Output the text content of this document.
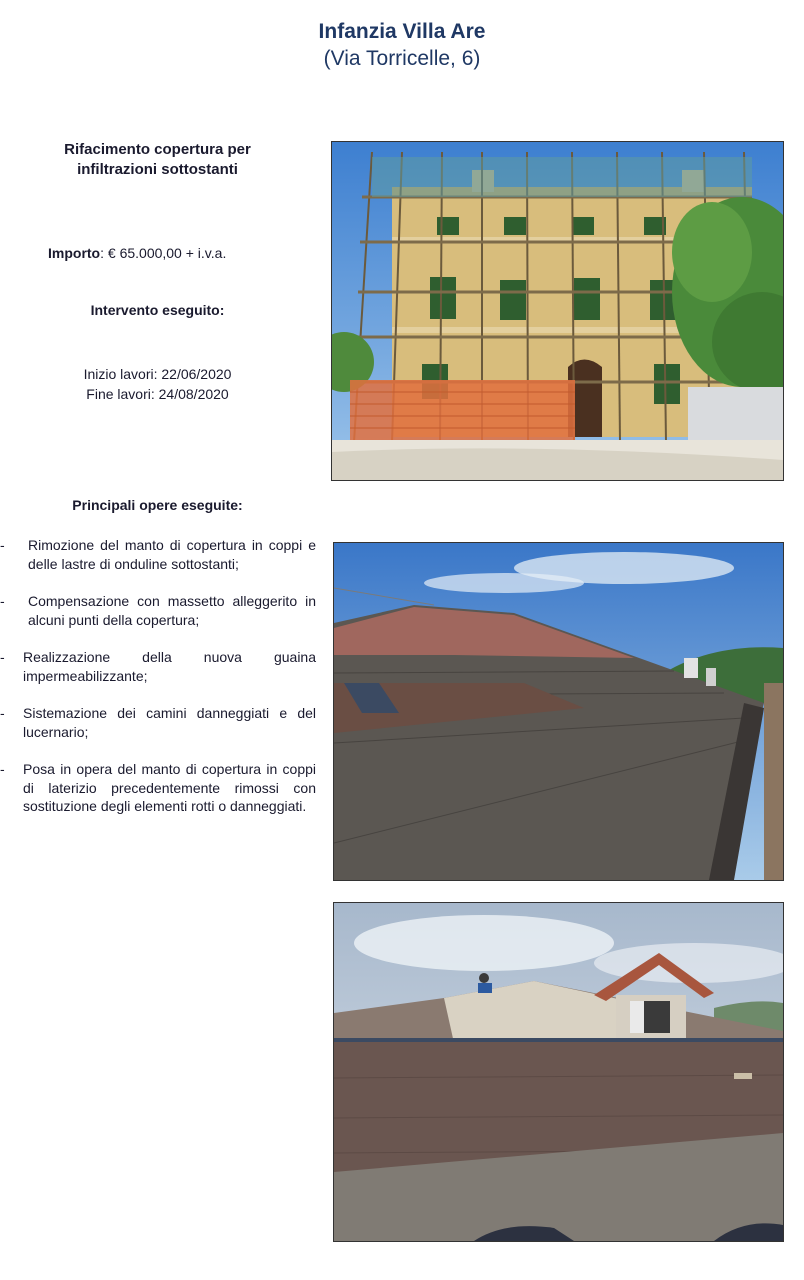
Infanzia Villa Are
(Via Torricelle, 6)
Rifacimento copertura per
infiltrazioni sottostanti
Importo: € 65.000,00 + i.v.a.
Intervento eseguito:
Inizio lavori: 22/06/2020
Fine lavori: 24/08/2020
Principali opere eseguite:
- Rimozione del manto di copertura in coppi e delle lastre di onduline sottostanti;
- Compensazione con massetto alleggerito in alcuni punti della copertura;
- Realizzazione della nuova guaina impermeabilizzante;
- Sistemazione dei camini danneggiati e del lucernario;
- Posa in opera del manto di copertura in coppi di laterizio precedentemente rimossi con sostituzione degli elementi rotti o danneggiati.
